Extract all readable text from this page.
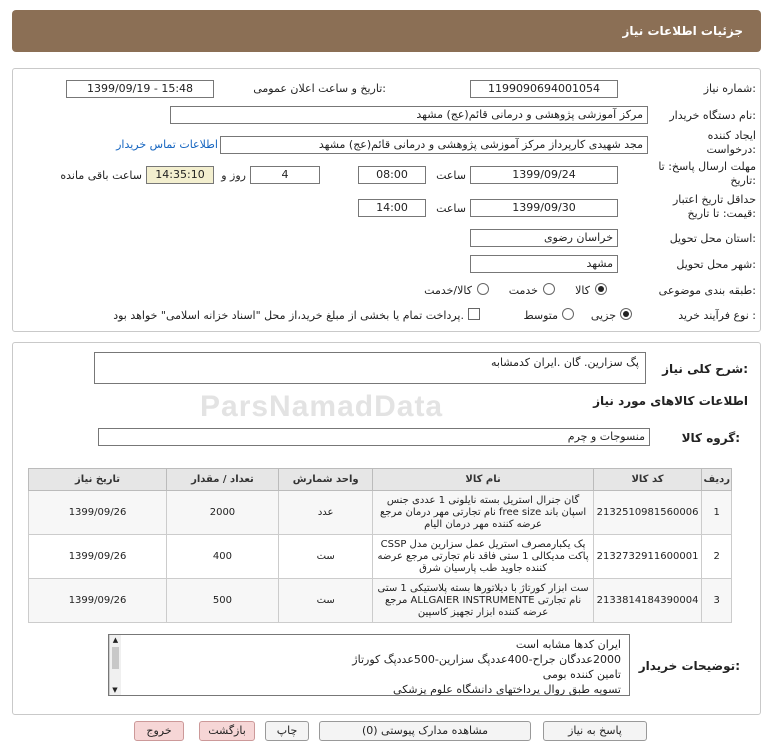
جزئیات اطلاعات نیاز
شماره نیاز:
1199090694001054
تاریخ و ساعت اعلان عمومی:
1399/09/19 - 15:48
نام دستگاه خریدار:
مرکز آموزشی پژوهشی و درمانی قائم(عج) مشهد
ایجاد کننده درخواست:
مجد شهیدی کارپرداز مرکز آموزشی پژوهشی و درمانی قائم(عج) مشهد
اطلاعات تماس خریدار
مهلت ارسال پاسخ: تا تاریخ:
1399/09/24
ساعت
08:00
4
روز و
14:35:10
ساعت باقی مانده
حداقل تاریخ اعتبار قیمت: تا تاریخ:
1399/09/30
ساعت
14:00
استان محل تحویل:
خراسان رضوی
شهر محل تحویل:
مشهد
طبقه بندی موضوعی:
کالا
خدمت
کالا/خدمت
نوع فرآیند خرید :
جزیی
متوسط
پرداخت تمام یا بخشی از مبلغ خرید،از محل "اسناد خزانه اسلامی" خواهد بود.
ParsNamadData
شرح کلی نیاز:
پگ سزارین. گان .ایران کدمشابه
اطلاعات کالاهای مورد نیاز
گروه کالا:
منسوجات و چرم
ردیف	کد کالا	نام کالا	واحد شمارش	تعداد / مقدار	تاریخ نیاز
1	2132510981560006	گان جنرال استریل بسته نایلونی 1 عددی جنس اسپان باند free size نام تجارتی مهر درمان مرجع عرضه کننده مهر درمان الیام	عدد	2000	1399/09/26
2	2132732911600001	پک یکبارمصرف استریل عمل سزارین مدل CSSP پاکت مدیکالی 1 ستی فاقد نام تجارتی مرجع عرضه کننده جاوید طب پارسیان شرق	ست	400	1399/09/26
3	2133814184390004	ست ابزار کورتاژ با دیلاتورها بسته پلاستیکی 1 ستی نام تجارتی ALLGAIER INSTRUMENTE مرجع عرضه کننده ابزار تجهیز کاسپین	ست	500	1399/09/26
توضیحات خریدار:
▲
▼
ایران کدها مشابه است
2000عددگان جراح-400عددپگ سزارین-500عددپگ کورتاژ
تامین کننده بومی
تسویه طبق روال پرداختهای دانشگاه علوم پزشکی
پاسخ به نیاز
مشاهده مدارک پیوستی (0)
چاپ
بازگشت
خروج
